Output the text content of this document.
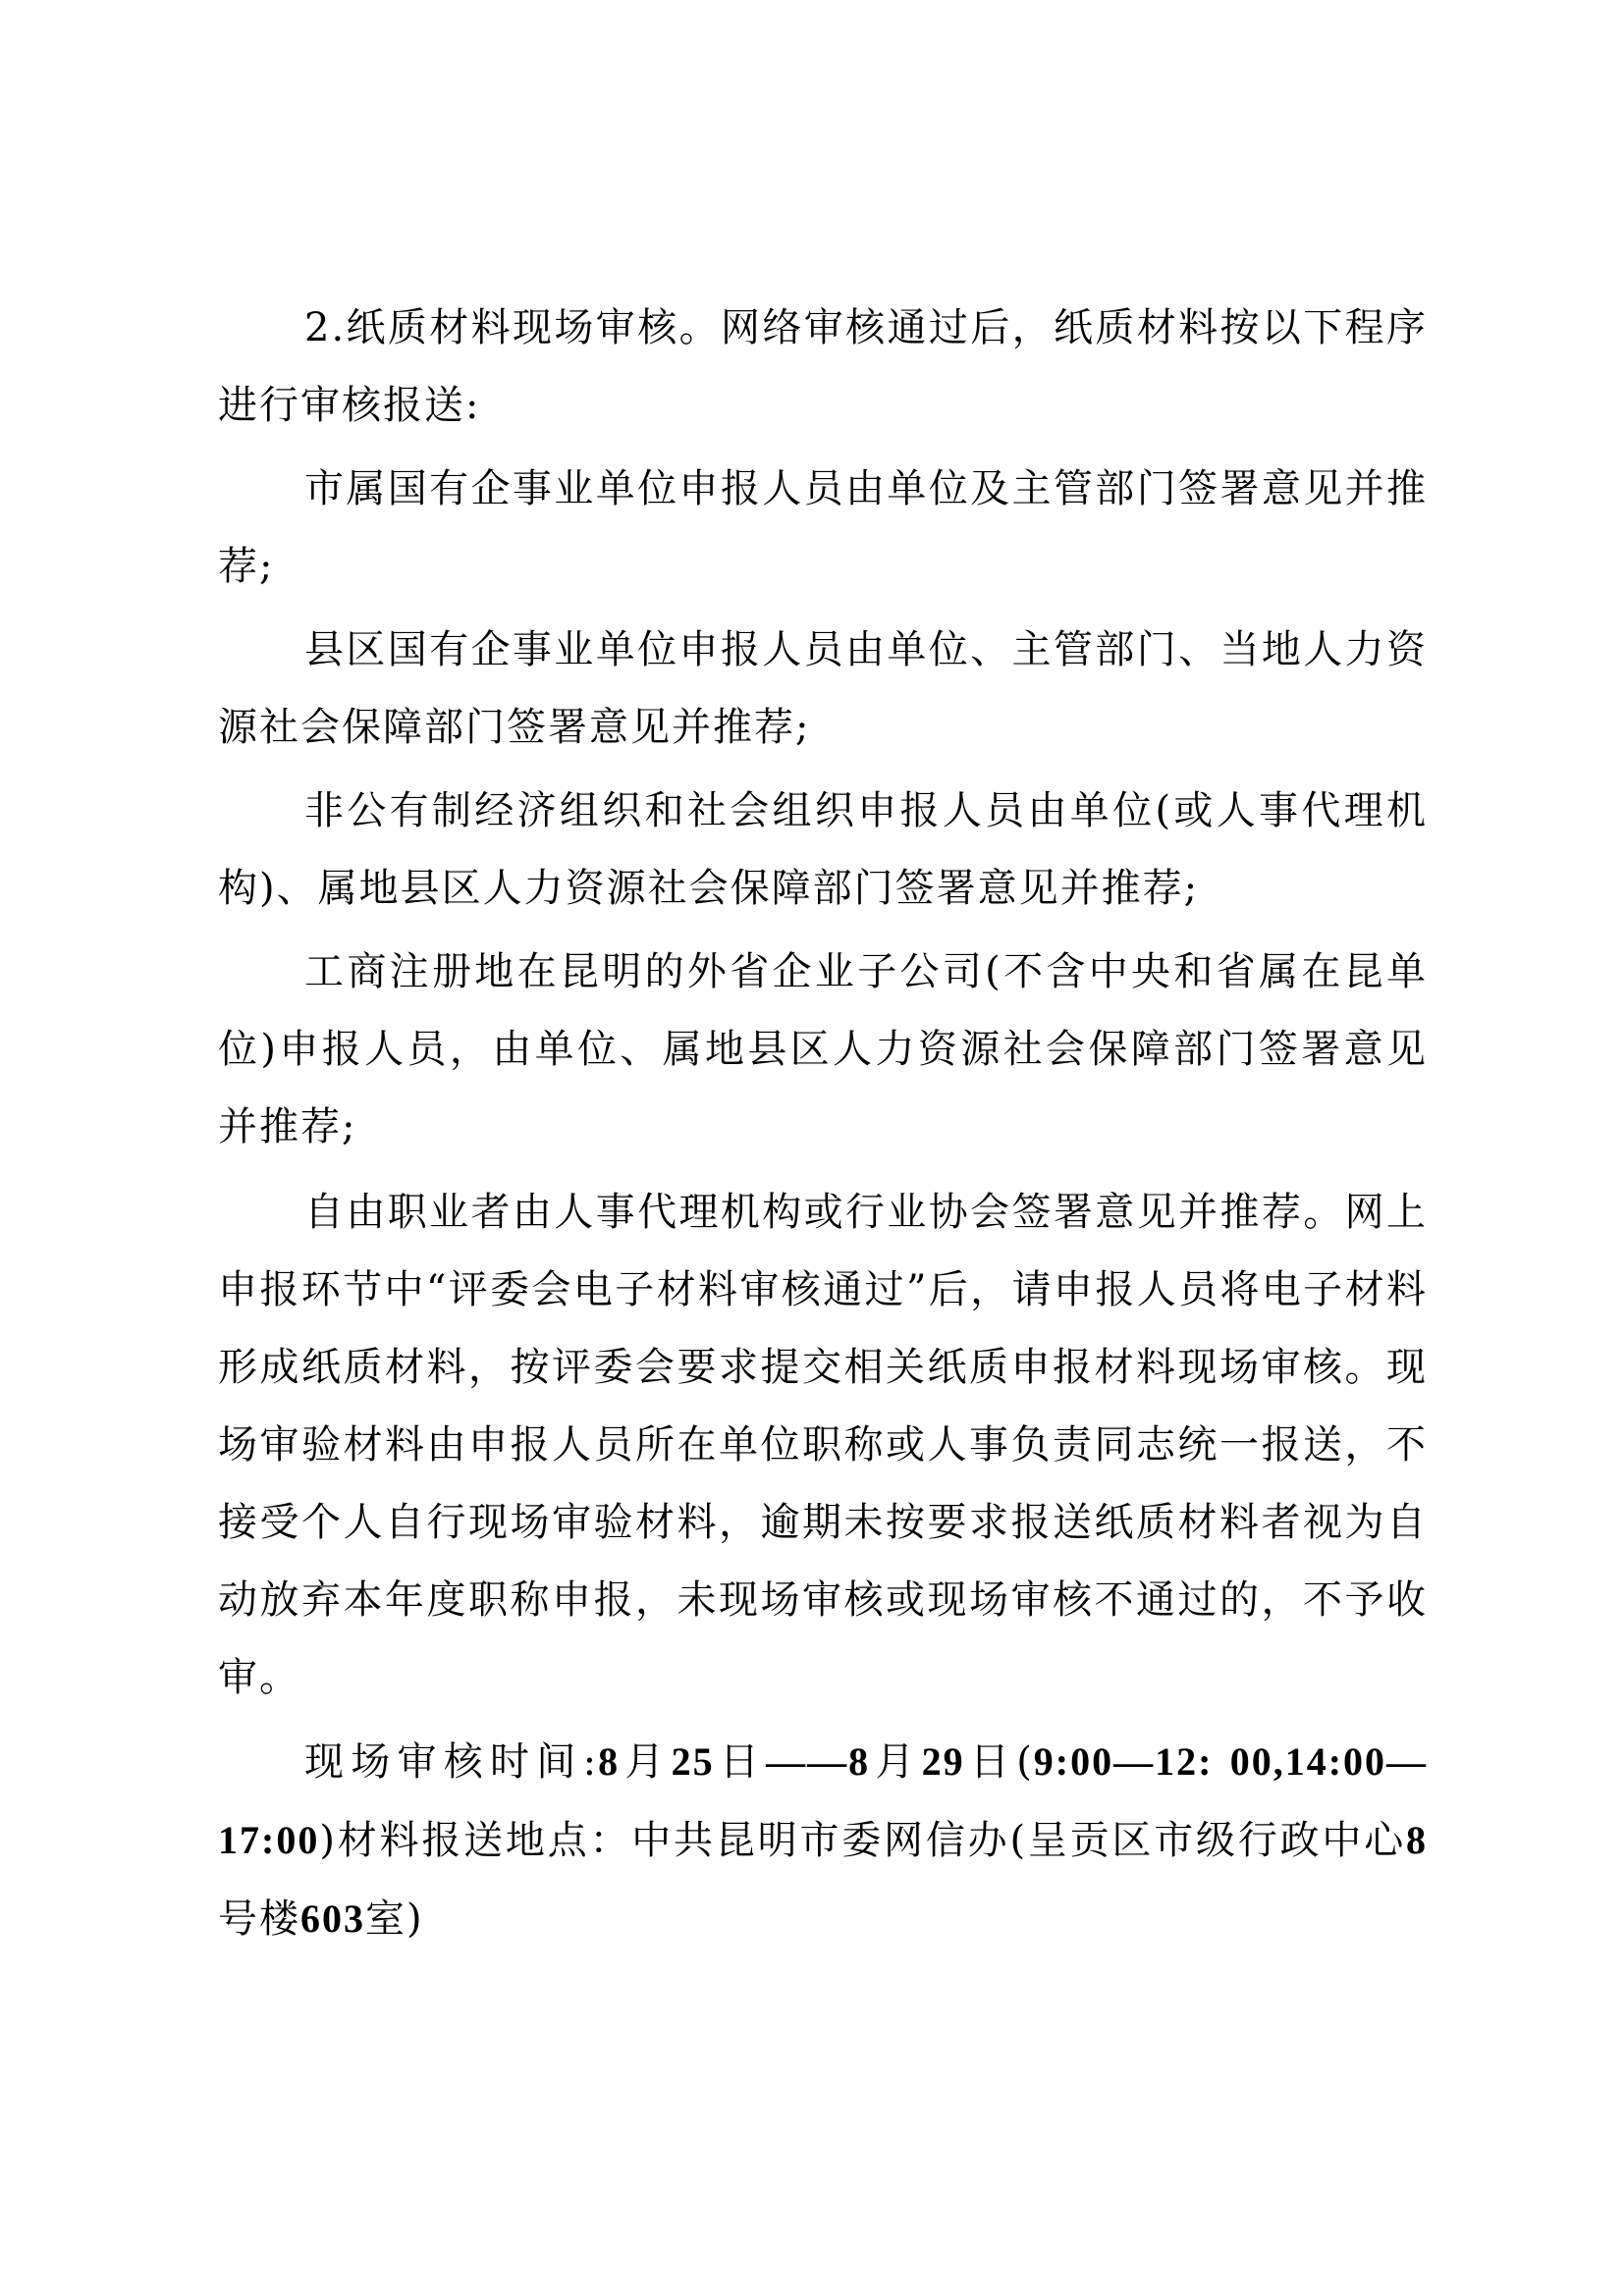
2.纸质材料现场审核。网络审核通过后，纸质材料按以下程序进行审核报送:

市属国有企事业单位申报人员由单位及主管部门签署意见并推荐;

县区国有企事业单位申报人员由单位、主管部门、当地人力资源社会保障部门签署意见并推荐;

非公有制经济组织和社会组织申报人员由单位(或人事代理机构)、属地县区人力资源社会保障部门签署意见并推荐;

工商注册地在昆明的外省企业子公司(不含中央和省属在昆单位)申报人员，由单位、属地县区人力资源社会保障部门签署意见并推荐;

自由职业者由人事代理机构或行业协会签署意见并推荐。网上申报环节中“评委会电子材料审核通过”后，请申报人员将电子材料形成纸质材料，按评委会要求提交相关纸质申报材料现场审核。现场审验材料由申报人员所在单位职称或人事负责同志统一报送，不接受个人自行现场审验材料，逾期未按要求报送纸质材料者视为自动放弃本年度职称申报，未现场审核或现场审核不通过的，不予收审。

现场审核时间:8月25日——8月29日(9:00—12: 00,14:00—17:00)材料报送地点：中共昆明市委网信办(呈贡区市级行政中心8号楼603室)
